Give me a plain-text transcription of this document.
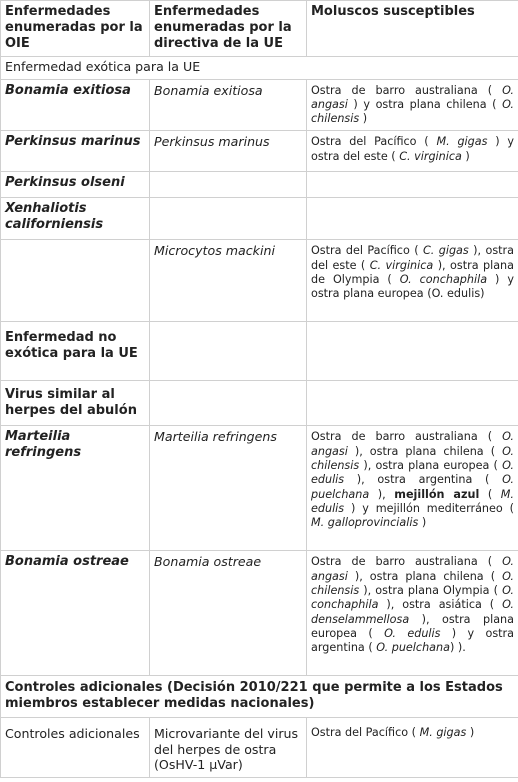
Enfermedades enumeradas por la OIE	Enfermedades enumeradas por la directiva de la UE	Moluscos susceptibles
Enfermedad exótica para la UE		
Bonamia exitiosa	Bonamia exitiosa	Ostra de barro australiana ( O. angasi ) y ostra plana chilena ( O. chilensis )
Perkinsus marinus	Perkinsus marinus	Ostra del Pacífico ( M. gigas ) y ostra del este ( C. virginica )
Perkinsus olseni		
Xenhaliotis californiensis		
	Microcytos mackini	Ostra del Pacífico ( C. gigas ), ostra del este ( C. virginica ), ostra plana de Olympia ( O. conchaphila ) y ostra plana europea (O. edulis)
Enfermedad no exótica para la UE		
Virus similar al herpes del abulón		
Marteilia refringens	Marteilia refringens	Ostra de barro australiana ( O. angasi ), ostra plana chilena ( O. chilensis ), ostra plana europea ( O. edulis ), ostra argentina ( O. puelchana ), mejillón azul ( M. edulis ) y mejillón mediterráneo ( M. galloprovincialis )
Bonamia ostreae	Bonamia ostreae	Ostra de barro australiana ( O. angasi ), ostra plana chilena ( O. chilensis ), ostra plana Olympia ( O. conchaphila ), ostra asiática ( O. denselammellosa ), ostra plana europea ( O. edulis ) y ostra argentina ( O. puelchana) ).
Controles adicionales (Decisión 2010/221 que permite a los Estados miembros establecer medidas nacionales)		
Controles adicionales	Microvariante del virus del herpes de ostra (OsHV-1 μVar)	Ostra del Pacífico ( M. gigas )
